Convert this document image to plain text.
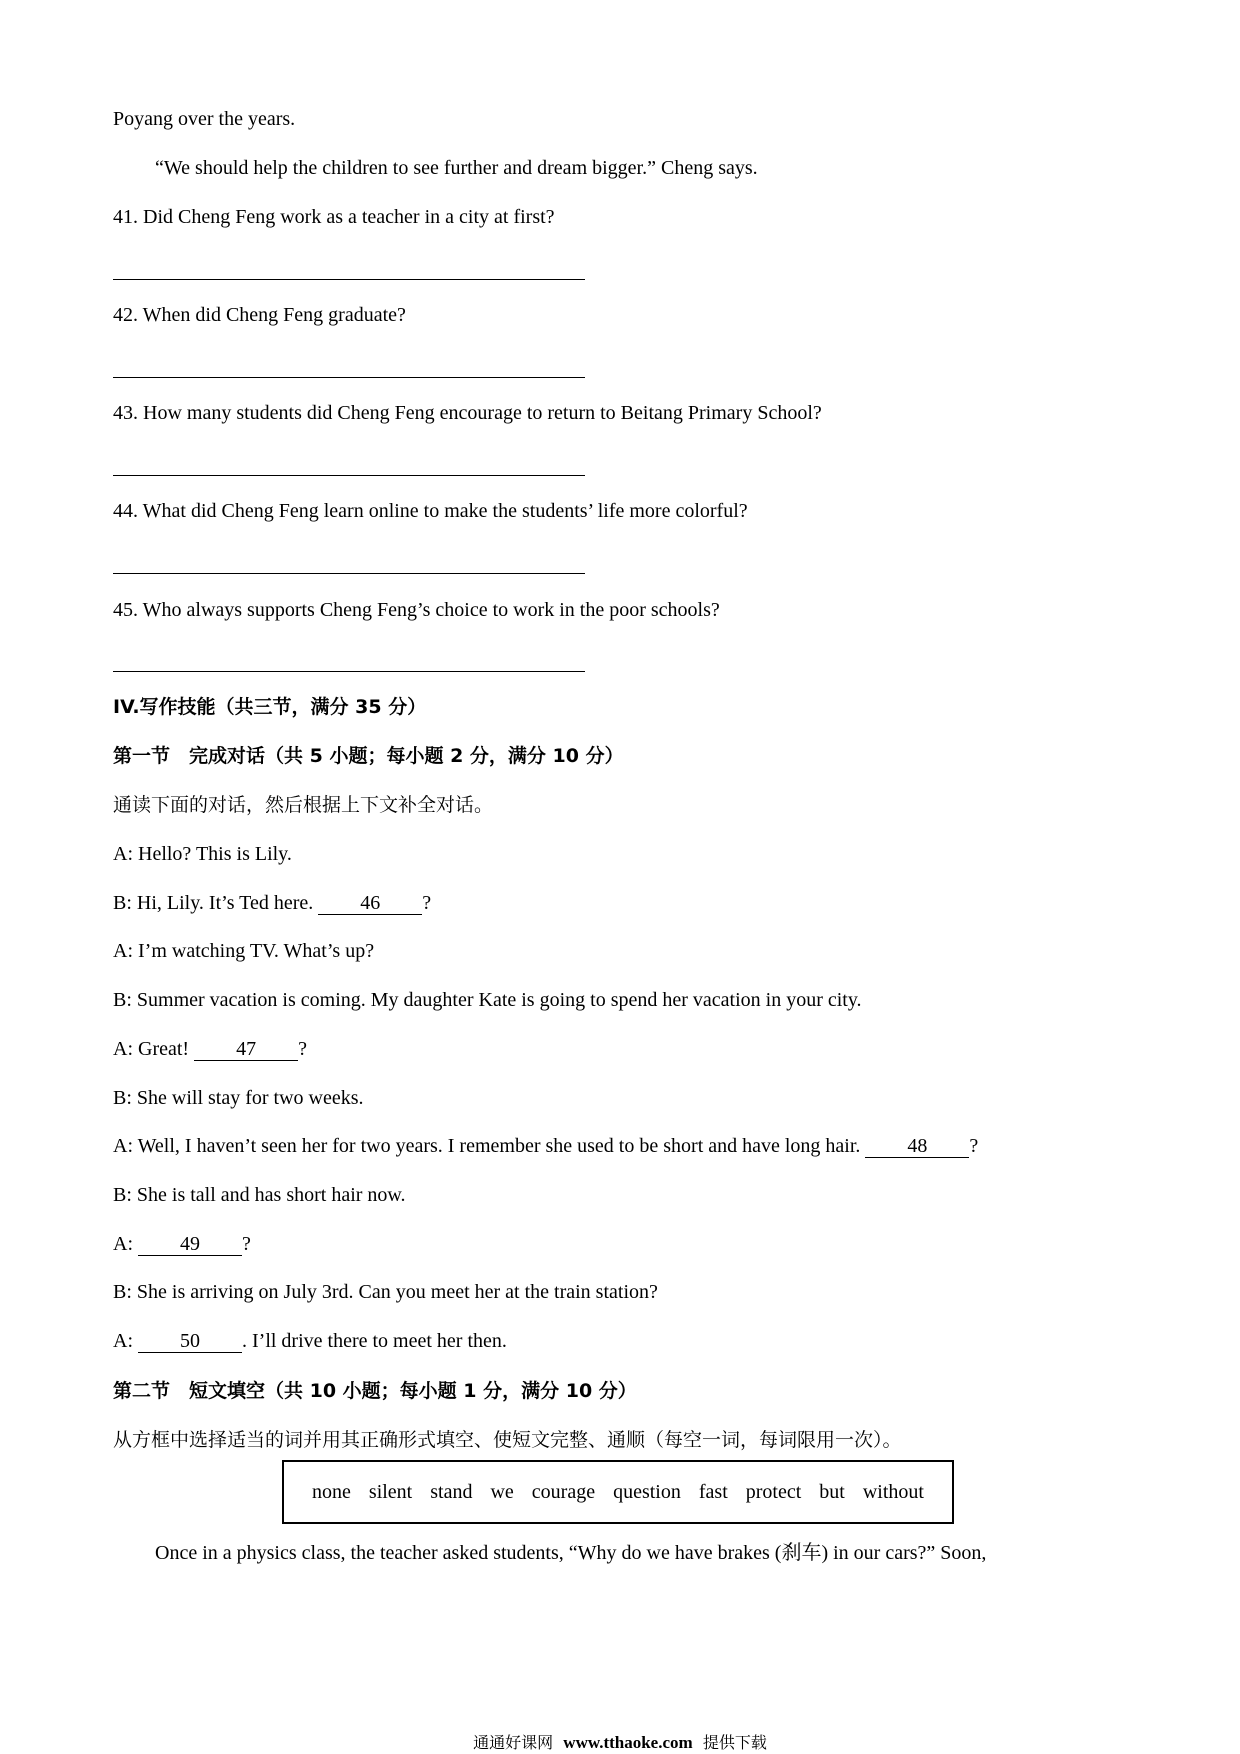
Poyang over the years.
“We should help the children to see further and dream bigger.” Cheng says.
41. Did Cheng Feng work as a teacher in a city at first?
42. When did Cheng Feng graduate?
43. How many students did Cheng Feng encourage to return to Beitang Primary School?
44. What did Cheng Feng learn online to make the students’ life more colorful?
45. Who always supports Cheng Feng’s choice to work in the poor schools?
IV.写作技能（共三节，满分 35 分）
第一节　完成对话（共 5 小题；每小题 2 分，满分 10 分）
通读下面的对话，然后根据上下文补全对话。
A: Hello? This is Lily.
B: Hi, Lily. It’s Ted here. 46 ?
A: I’m watching TV. What’s up?
B: Summer vacation is coming. My daughter Kate is going to spend her vacation in your city.
A: Great! 47 ?
B: She will stay for two weeks.
A: Well, I haven’t seen her for two years. I remember she used to be short and have long hair. 48 ?
B: She is tall and has short hair now.
A: 49 ?
B: She is arriving on July 3rd. Can you meet her at the train station?
A: 50 . I’ll drive there to meet her then.
第二节　短文填空（共 10 小题；每小题 1 分，满分 10 分）
从方框中选择适当的词并用其正确形式填空、使短文完整、通顺（每空一词，每词限用一次）。
none silent stand we courage question fast protect but without
Once in a physics class, the teacher asked students, “Why do we have brakes (刹车) in our cars?” Soon,
通通好课网 www.tthaoke.com 提供下载
